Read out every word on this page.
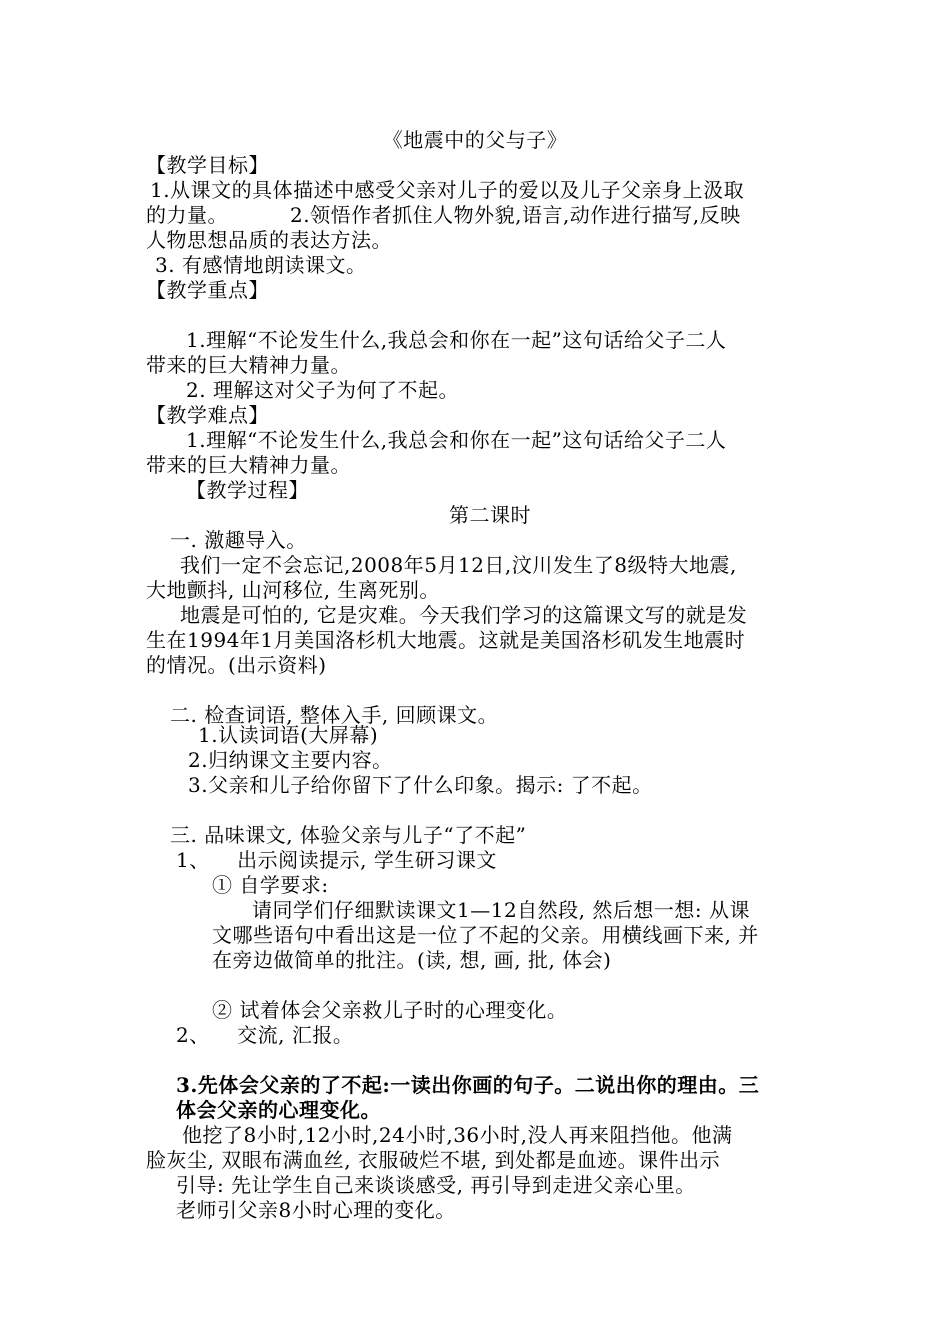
《地震中的父与子》
【教学目标】
1.从课文的具体描述中感受父亲对儿子的爱以及儿子父亲身上汲取
的力量。	2.领悟作者抓住人物外貌,语言,动作进行描写,反映
人物思想品质的表达方法。
3. 有感情地朗读课文。
【教学重点】
1.理解“不论发生什么,我总会和你在一起”这句话给父子二人
带来的巨大精神力量。
2. 理解这对父子为何了不起。
【教学难点】
1.理解“不论发生什么,我总会和你在一起”这句话给父子二人
带来的巨大精神力量。
【教学过程】
第二课时
一. 激趣导入。
我们一定不会忘记,2008年5月12日,汶川发生了8级特大地震,
大地颤抖, 山河移位, 生离死别。
地震是可怕的, 它是灾难。今天我们学习的这篇课文写的就是发
生在1994年1月美国洛杉机大地震。这就是美国洛杉矶发生地震时
的情况。(出示资料)
二. 检查词语, 整体入手, 回顾课文。
1.认读词语(大屏幕)
2.归纳课文主要内容。
3.父亲和儿子给你留下了什么印象。揭示: 了不起。
三. 品味课文, 体验父亲与儿子“了不起”
1、    出示阅读提示, 学生研习课文
① 自学要求:
请同学们仔细默读课文1—12自然段, 然后想一想: 从课
文哪些语句中看出这是一位了不起的父亲。用横线画下来, 并
在旁边做简单的批注。(读, 想, 画, 批, 体会)
② 试着体会父亲救儿子时的心理变化。
2、    交流, 汇报。
3.先体会父亲的了不起:一读出你画的句子。二说出你的理由。三
体会父亲的心理变化。
他挖了8小时,12小时,24小时,36小时,没人再来阻挡他。他满
脸灰尘, 双眼布满血丝, 衣服破烂不堪, 到处都是血迹。课件出示
引导: 先让学生自己来谈谈感受, 再引导到走进父亲心里。
老师引父亲8小时心理的变化。
